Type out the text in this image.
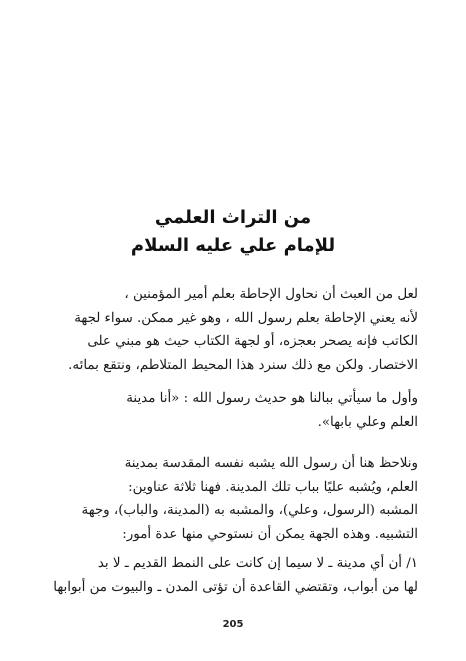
من التراث العلمي
للإمام علي عليه السلام
لعل من العبث أن نحاول الإحاطة بعلم أمير المؤمنين ،
لأنه يعني الإحاطة بعلم رسول الله ، وهو غير ممكن. سواء لجهة
الكاتب فإنه يصحر بعجزه، أو لجهة الكتاب حيث هو مبني على
الاختصار. ولكن مع ذلك سنرد هذا المحيط المتلاطم، ونتقع بمائه.
وأول ما سيأتي ببالنا هو حديث رسول الله : «أنا مدينة
العلم وعلي بابها».
ونلاحظ هنا أن رسول الله يشبه نفسه المقدسة بمدينة
العلم، ويُشبه عليًا بباب تلك المدينة. فهنا ثلاثة عناوين:
المشبه (الرسول، وعلي)، والمشبه به (المدينة، والباب)، وجهة
التشبيه. وهذه الجهة يمكن أن نستوحي منها عدة أمور:
١/ أن أي مدينة ـ لا سيما إن كانت على النمط القديم ـ لا بد
لها من أبواب، وتقتضي القاعدة أن تؤتى المدن ـ والبيوت من أبوابها
205
